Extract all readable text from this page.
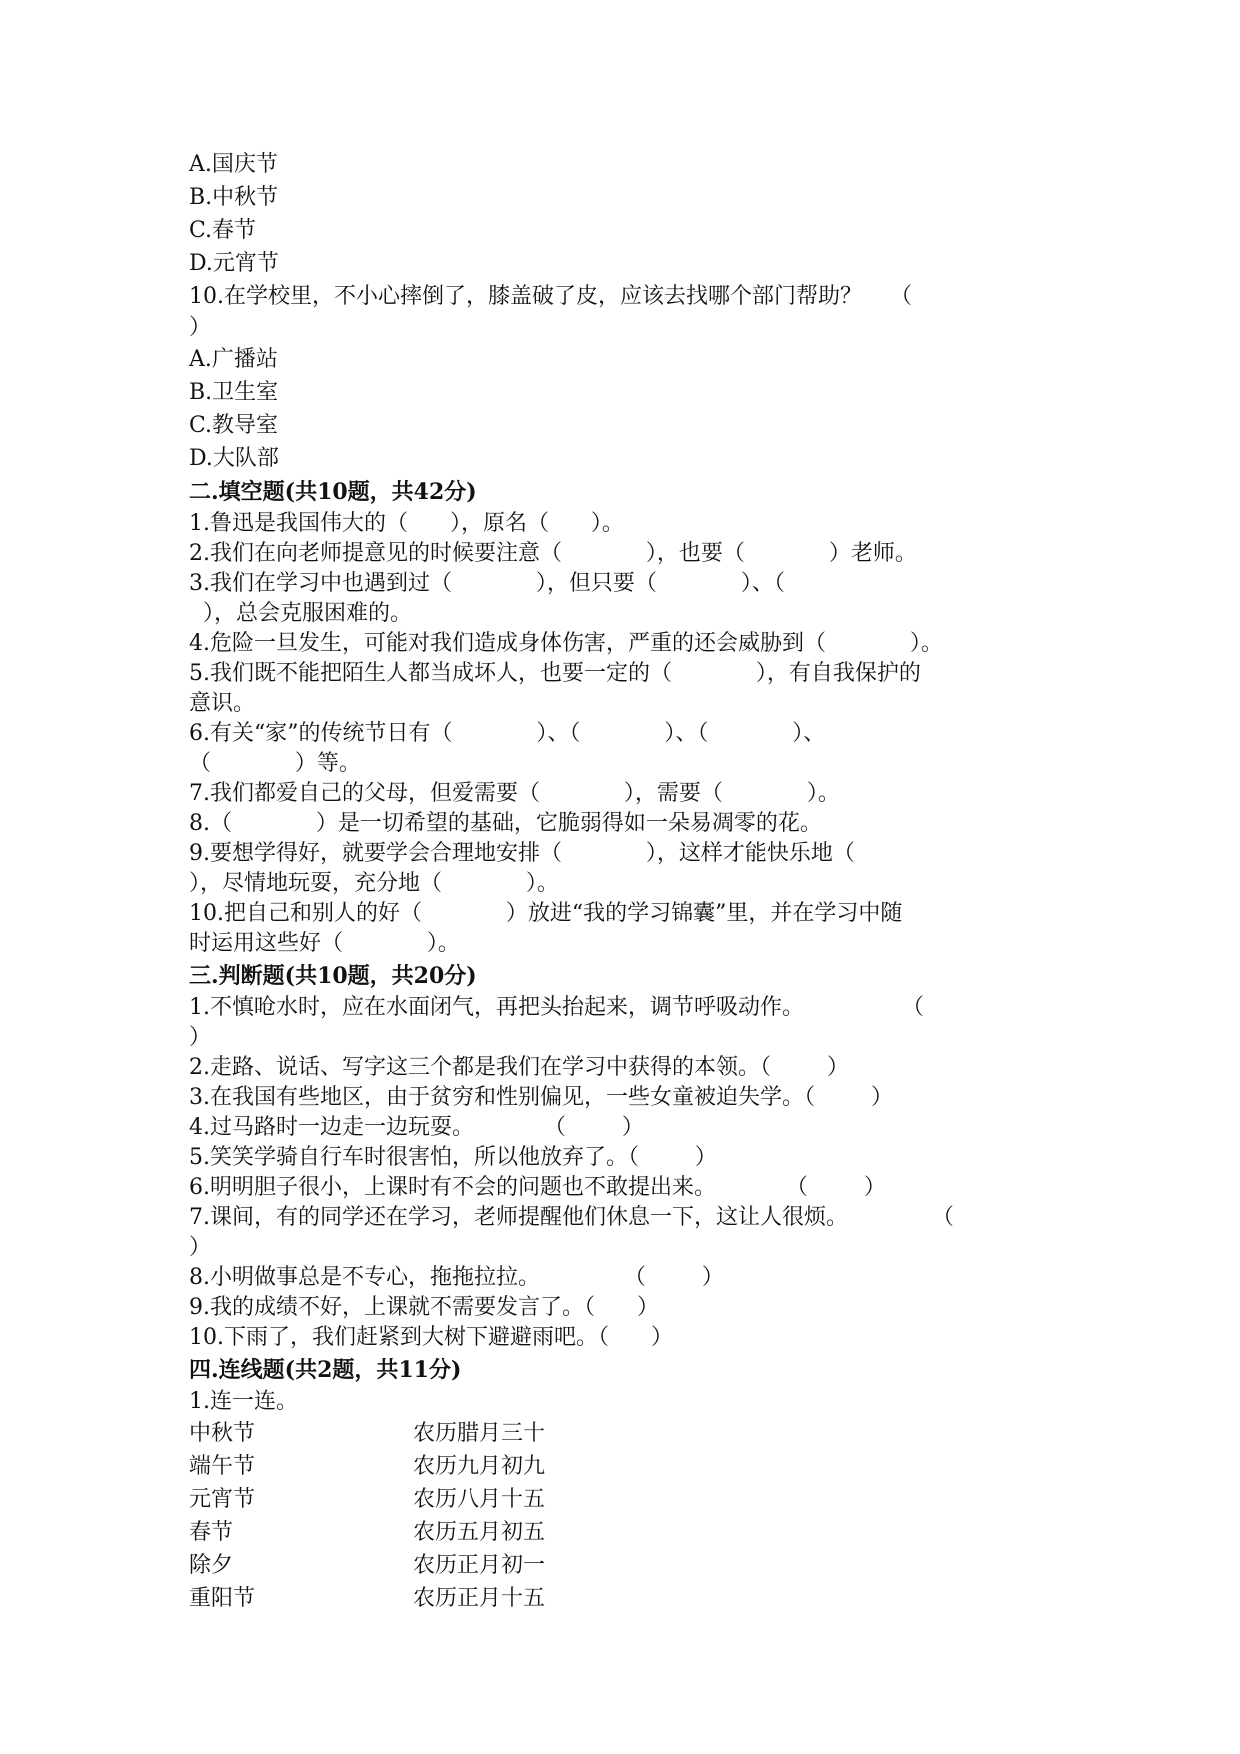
A.国庆节
B.中秋节
C.春节
D.元宵节
10.在学校里，不小心摔倒了，膝盖破了皮，应该去找哪个部门帮助？ （
）
A.广播站
B.卫生室
C.教导室
D.大队部
二.填空题(共10题，共42分)
1.鲁迅是我国伟大的（      ），原名（      ）。
2.我们在向老师提意见的时候要注意（            ），也要（            ）老师。
3.我们在学习中也遇到过（            ），但只要（            ）、（
），总会克服困难的。
4.危险一旦发生，可能对我们造成身体伤害，严重的还会威胁到（            ）。
5.我们既不能把陌生人都当成坏人，也要一定的（            ），有自我保护的
意识。
6.有关“家”的传统节日有（            ）、（            ）、（            ）、
（            ）等。
7.我们都爱自己的父母，但爱需要（            ），需要（            ）。
8.（            ）是一切希望的基础，它脆弱得如一朵易凋零的花。
9.要想学得好，就要学会合理地安排（            ），这样才能快乐地（
），尽情地玩耍，充分地（            ）。
10.把自己和别人的好（            ）放进“我的学习锦囊”里，并在学习中随
时运用这些好（            ）。
三.判断题(共10题，共20分)
1.不慎呛水时，应在水面闭气，再把头抬起来，调节呼吸动作。              （
）
2.走路、说话、写字这三个都是我们在学习中获得的本领。（        ）
3.在我国有些地区，由于贫穷和性别偏见，一些女童被迫失学。（        ）
4.过马路时一边走一边玩耍。          （        ）
5.笑笑学骑自行车时很害怕，所以他放弃了。（        ）
6.明明胆子很小，上课时有不会的问题也不敢提出来。          （        ）
7.课间，有的同学还在学习，老师提醒他们休息一下，这让人很烦。            （
）
8.小明做事总是不专心，拖拖拉拉。            （        ）
9.我的成绩不好，上课就不需要发言了。（      ）
10.下雨了，我们赶紧到大树下避避雨吧。（      ）
四.连线题(共2题，共11分)
1.连一连。
中秋节	农历腊月三十
端午节	农历九月初九
元宵节	农历八月十五
春节	农历五月初五
除夕	农历正月初一
重阳节	农历正月十五
